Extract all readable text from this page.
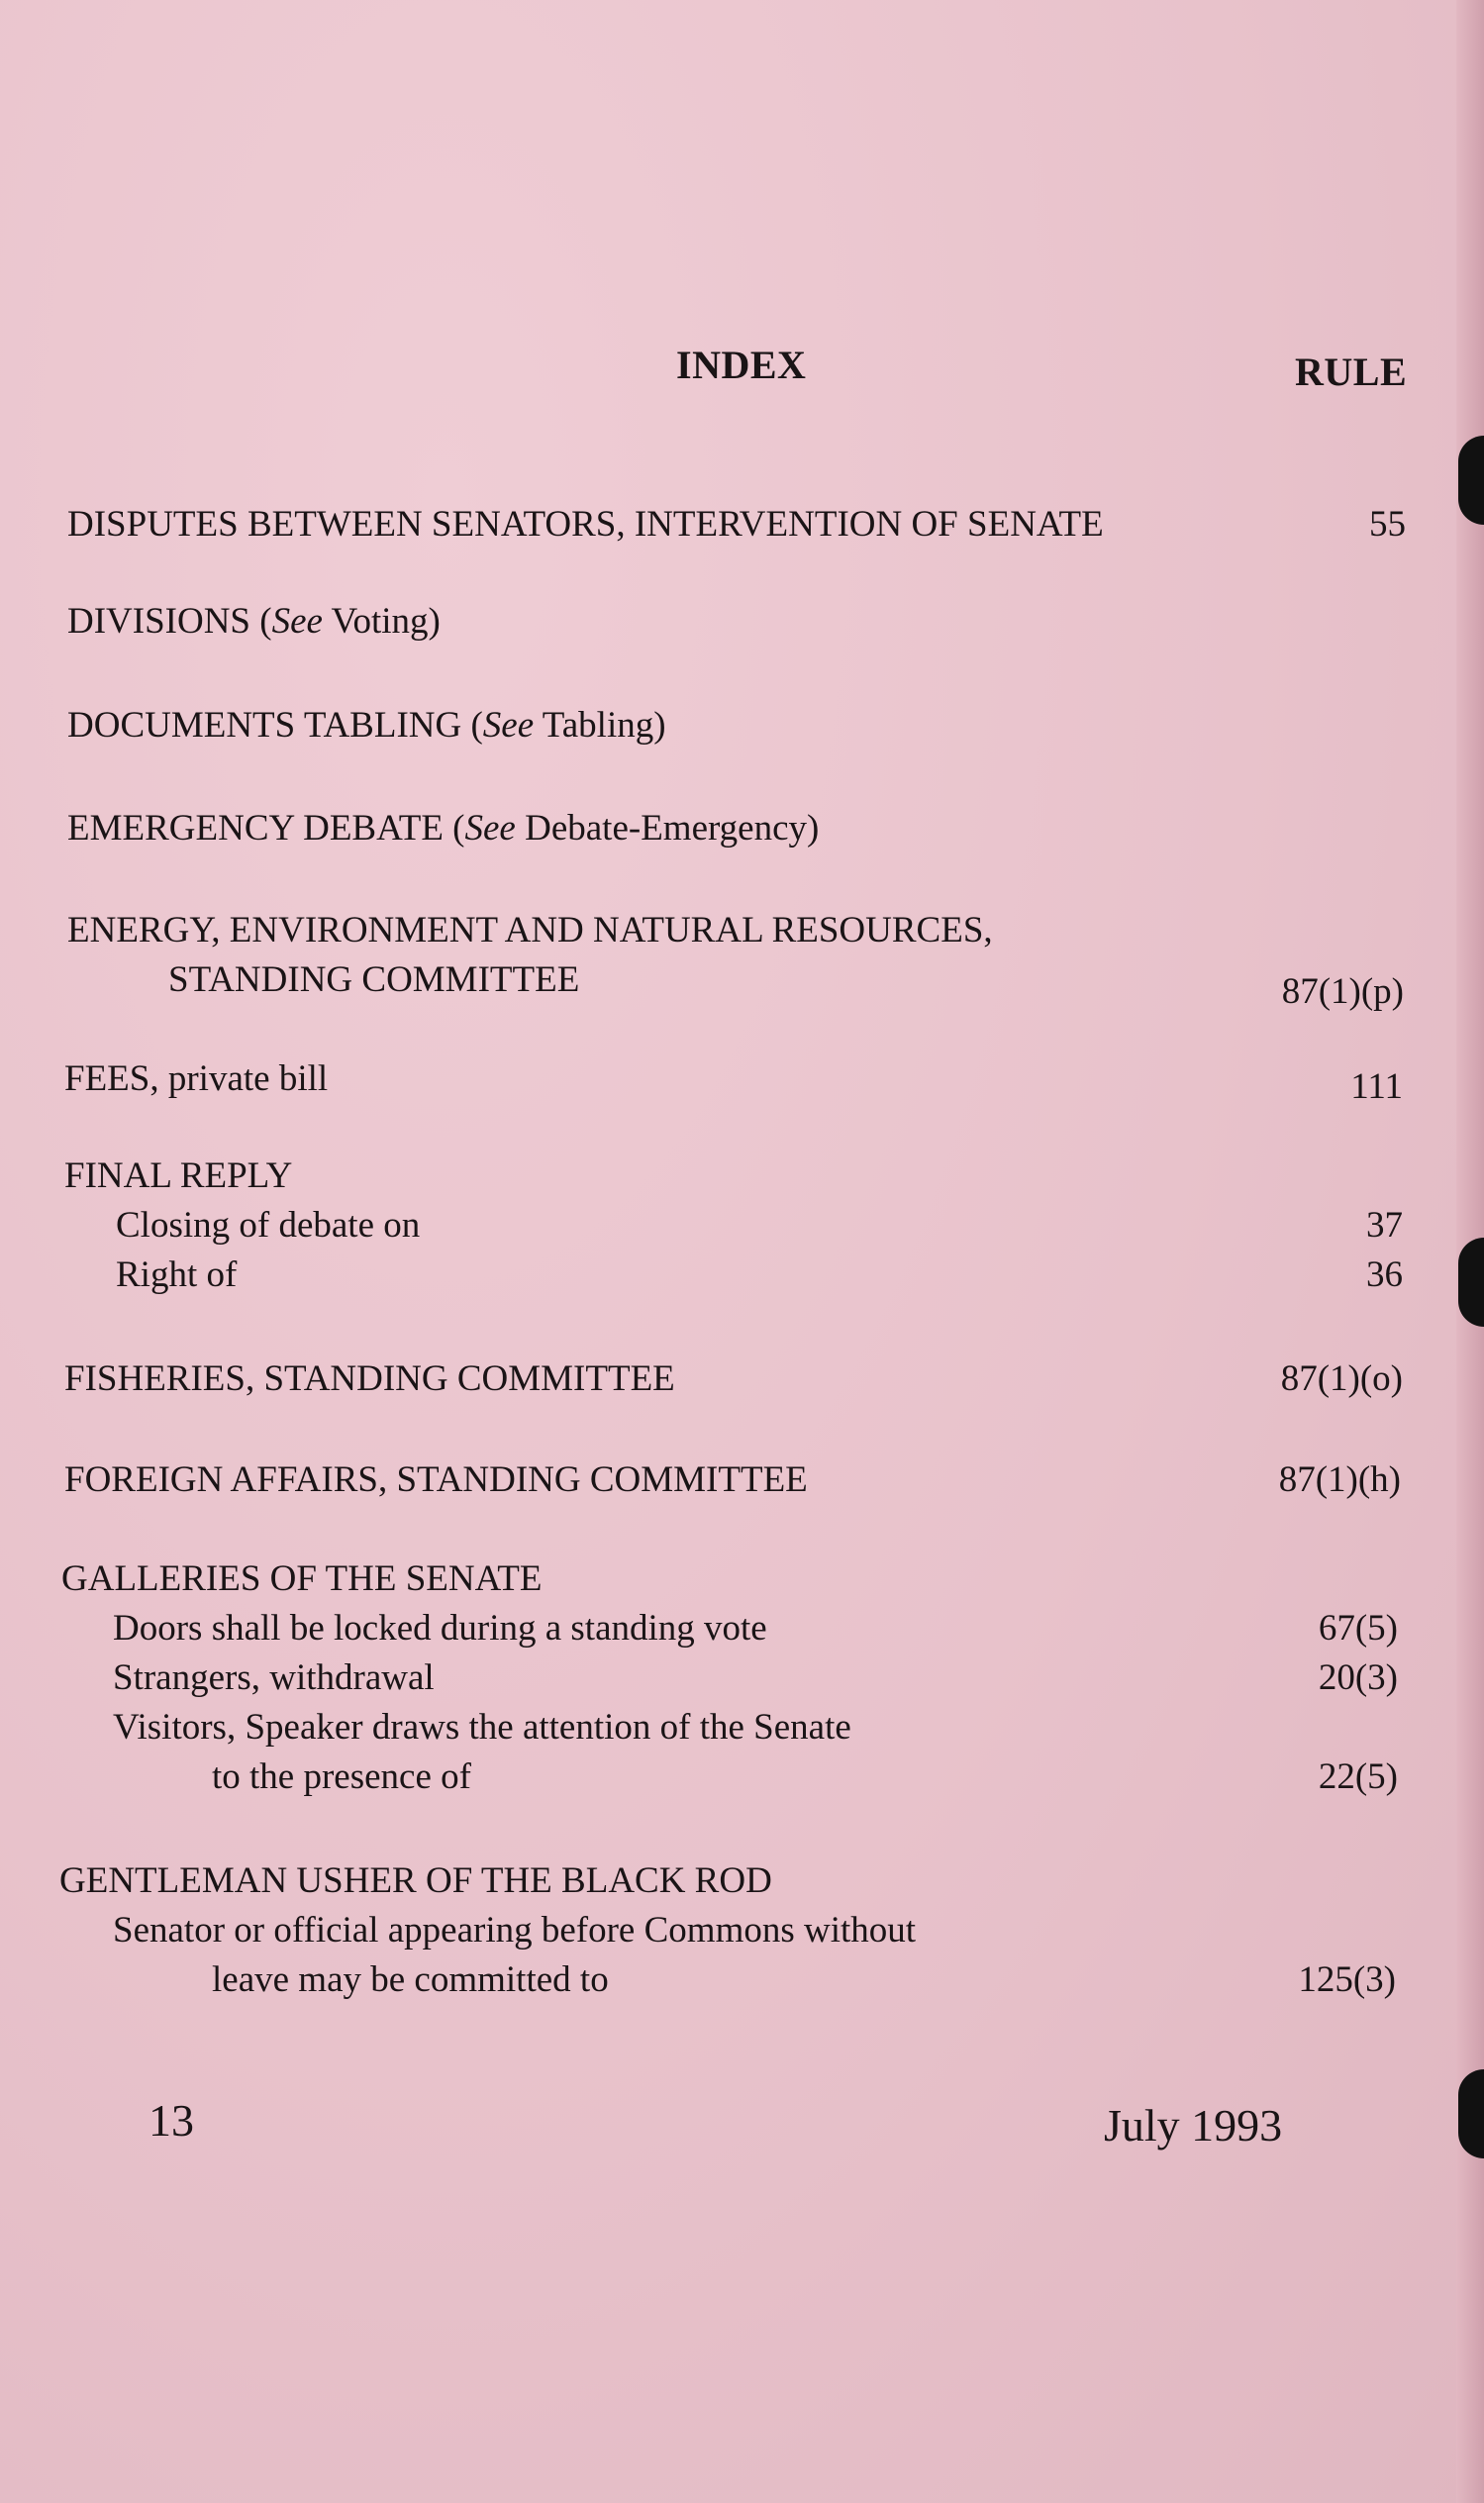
INDEX	RULE
DISPUTES BETWEEN SENATORS, INTERVENTION OF SENATE	55
DIVISIONS (See Voting)
DOCUMENTS TABLING (See Tabling)
EMERGENCY DEBATE (See Debate-Emergency)
ENERGY, ENVIRONMENT AND NATURAL RESOURCES,
STANDING COMMITTEE	87(1)(p)
FEES, private bill	111
FINAL REPLY
Closing of debate on	37
Right of	36
FISHERIES, STANDING COMMITTEE	87(1)(o)
FOREIGN AFFAIRS, STANDING COMMITTEE	87(1)(h)
GALLERIES OF THE SENATE
Doors shall be locked during a standing vote	67(5)
Strangers, withdrawal	20(3)
Visitors, Speaker draws the attention of the Senate
to the presence of	22(5)
GENTLEMAN USHER OF THE BLACK ROD
Senator or official appearing before Commons without
leave may be committed to	125(3)
13	July 1993
